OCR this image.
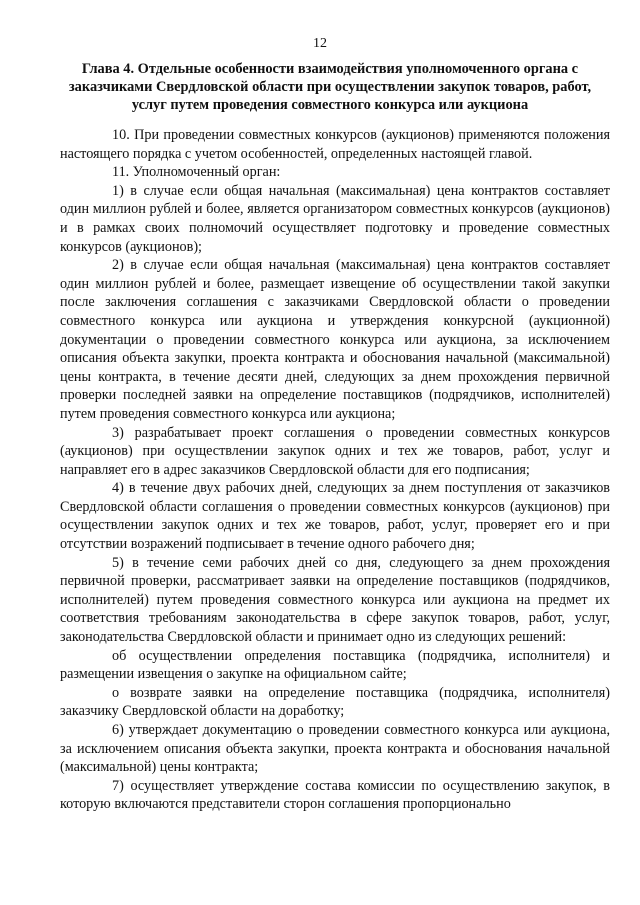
12
Глава 4. Отдельные особенности взаимодействия уполномоченного органа с заказчиками Свердловской области при осуществлении закупок товаров, работ, услуг путем проведения совместного конкурса или аукциона

10. При проведении совместных конкурсов (аукционов) применяются положения настоящего порядка с учетом особенностей, определенных настоящей главой.

11. Уполномоченный орган:

1) в случае если общая начальная (максимальная) цена контрактов составляет один миллион рублей и более, является организатором совместных конкурсов (аукционов) и в рамках своих полномочий осуществляет подготовку и проведение совместных конкурсов (аукционов);

2) в случае если общая начальная (максимальная) цена контрактов составляет один миллион рублей и более, размещает извещение об осуществлении такой закупки после заключения соглашения с заказчиками Свердловской области о проведении совместного конкурса или аукциона и утверждения конкурсной (аукционной) документации о проведении совместного конкурса или аукциона, за исключением описания объекта закупки, проекта контракта и обоснования начальной (максимальной) цены контракта, в течение десяти дней, следующих за днем прохождения первичной проверки последней заявки на определение поставщиков (подрядчиков, исполнителей) путем проведения совместного конкурса или аукциона;

3) разрабатывает проект соглашения о проведении совместных конкурсов (аукционов) при осуществлении закупок одних и тех же товаров, работ, услуг и направляет его в адрес заказчиков Свердловской области для его подписания;

4) в течение двух рабочих дней, следующих за днем поступления от заказчиков Свердловской области соглашения о проведении совместных конкурсов (аукционов) при осуществлении закупок одних и тех же товаров, работ, услуг, проверяет его и при отсутствии возражений подписывает в течение одного рабочего дня;

5) в течение семи рабочих дней со дня, следующего за днем прохождения первичной проверки, рассматривает заявки на определение поставщиков (подрядчиков, исполнителей) путем проведения совместного конкурса или аукциона на предмет их соответствия требованиям законодательства в сфере закупок товаров, работ, услуг, законодательства Свердловской области и принимает одно из следующих решений:

об осуществлении определения поставщика (подрядчика, исполнителя) и размещении извещения о закупке на официальном сайте;

о возврате заявки на определение поставщика (подрядчика, исполнителя) заказчику Свердловской области на доработку;

6) утверждает документацию о проведении совместного конкурса или аукциона, за исключением описания объекта закупки, проекта контракта и обоснования начальной (максимальной) цены контракта;

7) осуществляет утверждение состава комиссии по осуществлению закупок, в которую включаются представители сторон соглашения пропорционально
